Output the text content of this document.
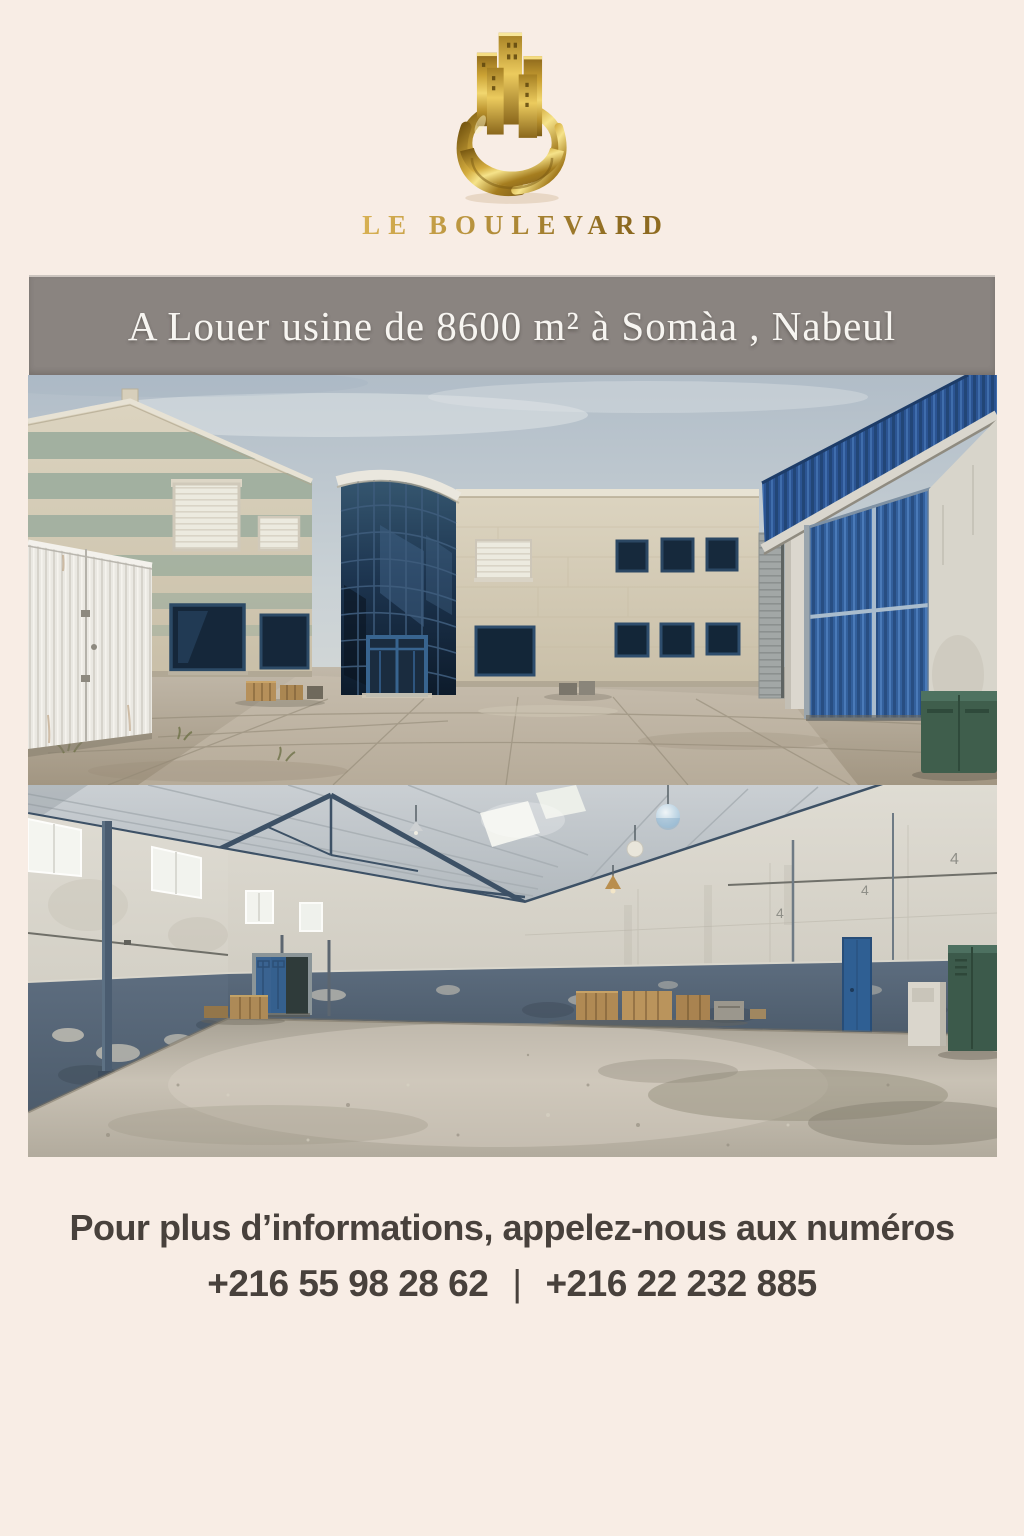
LE BOULEVARD
A Louer usine de 8600 m² à Somàa , Nabeul
4
4
4

Pour plus d’informations, appelez-nous aux numéros

+216 55 98 28 62 | +216 22 232 885
